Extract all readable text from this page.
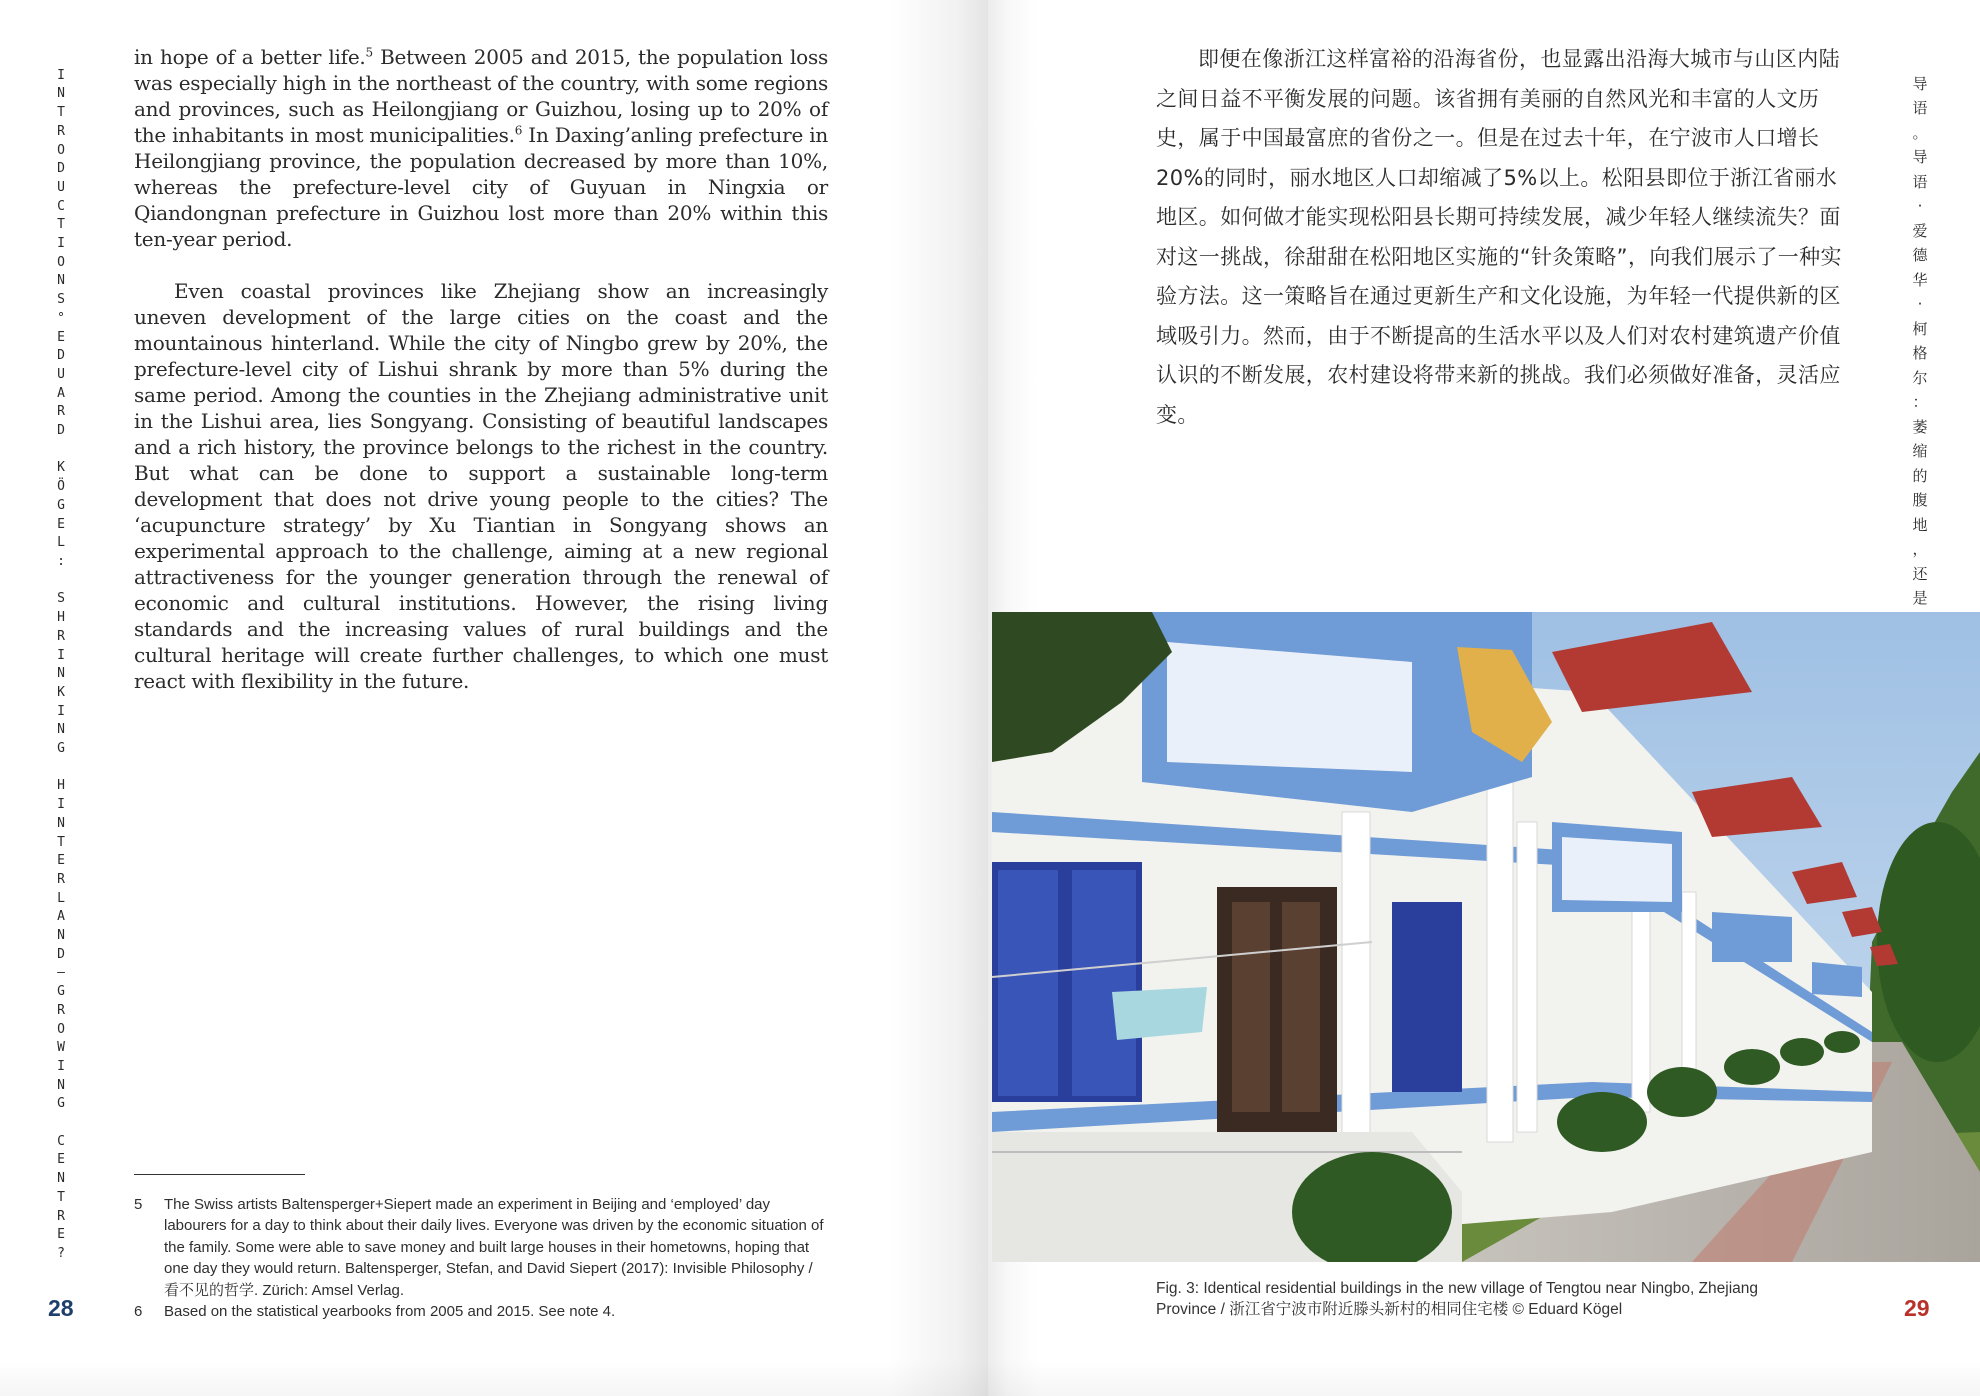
I
N
T
R
O
D
U
C
T
I
O
N
S
°
E
D
U
A
R
D

K
Ö
G
E
L
:

S
H
R
I
N
K
I
N
G

H
I
N
T
E
R
L
A
N
D
–
G
R
O
W
I
N
G

C
E
N
T
R
E
?

in hope of a better life.$^5$ Between 2005 and 2015, the population loss was especially high in the northeast of the country, with some regions and provinces, such as Heilongjiang or Guizhou, losing up to 20% of the inhabitants in most municipalities.$^6$ In Daxing’anling prefecture in Heilongjiang province, the population decreased by more than 10%, whereas the prefecture-level city of Guyuan in Ningxia or Qiandongnan prefecture in Guizhou lost more than 20% within this ten-year period.

Even coastal provinces like Zhejiang show an increasingly uneven development of the large cities on the coast and the mountainous hinterland. While the city of Ningbo grew by 20%, the prefecture-level city of Lishui shrank by more than 5% during the same period. Among the counties in the Zhejiang administrative unit in the Lishui area, lies Songyang. Consisting of beautiful landscapes and a rich history, the province belongs to the richest in the country. But what can be done to support a sustainable long-term development that does not drive young people to the cities? The ‘acupuncture strategy’ by Xu Tiantian in Songyang shows an experimental approach to the challenge, aiming at a new regional attractiveness for the younger generation through the renewal of economic and cultural institutions. However, the rising living standards and the increasing values of rural buildings and the cultural heritage will create further challenges, to which one must react with flexibility in the future.

5	The Swiss artists Baltensperger+Siepert made an experiment in Beijing and ‘employed’ day labourers for a day to think about their daily lives. Everyone was driven by the economic situation of the family. Some were able to save money and built large houses in their hometowns, hoping that one day they would return. Baltensperger, Stefan, and David Siepert (2017): Invisible Philosophy / 看不见的哲学. Zürich: Amsel Verlag.
6	Based on the statistical yearbooks from 2005 and 2015. See note 4.
28

即便在像浙江这样富裕的沿海省份，也显露出沿海大城市与山区内陆之间日益不平衡发展的问题。该省拥有美丽的自然风光和丰富的人文历史，属于中国最富庶的省份之一。但是在过去十年，在宁波市人口增长20%的同时，丽水地区人口却缩减了5%以上。松阳县即位于浙江省丽水地区。如何做才能实现松阳县长期可持续发展，减少年轻人继续流失？面对这一挑战，徐甜甜在松阳地区实施的“针灸策略”，向我们展示了一种实验方法。这一策略旨在通过更新生产和文化设施，为年轻一代提供新的区域吸引力。然而，由于不断提高的生活水平以及人们对农村建筑遗产价值认识的不断发展，农村建设将带来新的挑战。我们必须做好准备，灵活应变。

导
语
。
导
语
·
爱
德
华
·
柯
格
尔
：
萎
缩
的
腹
地
，
还
是

Fig. 3: Identical residential buildings in the new village of Tengtou near Ningbo, Zhejiang
Province / 浙江省宁波市附近滕头新村的相同住宅楼 © Eduard Kögel	29
